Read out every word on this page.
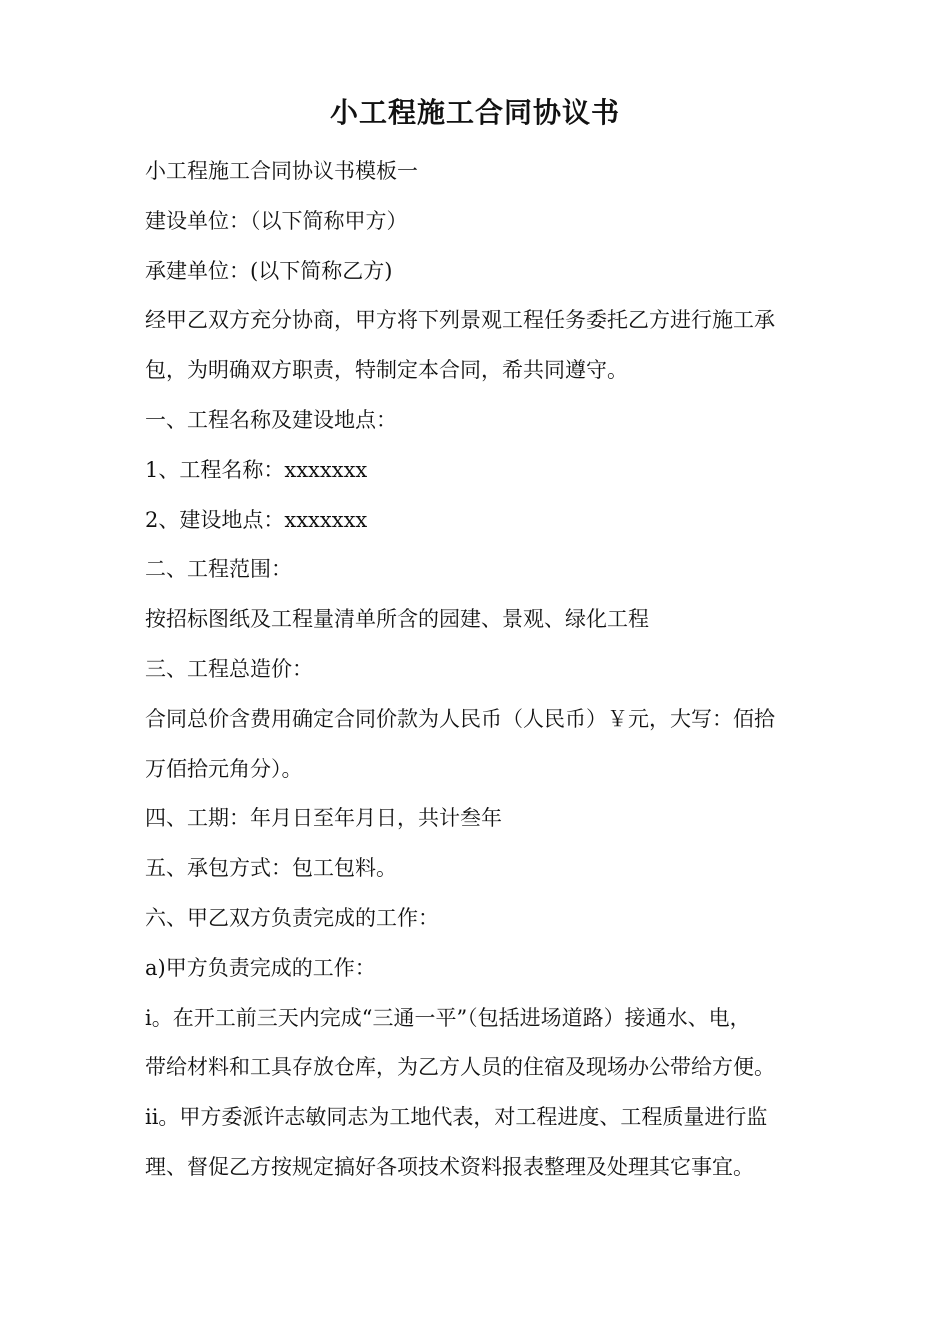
小工程施工合同协议书

小工程施工合同协议书模板一

建设单位：（以下简称甲方）

承建单位：(以下简称乙方)

经甲乙双方充分协商，甲方将下列景观工程任务委托乙方进行施工承

包，为明确双方职责，特制定本合同，希共同遵守。

一、工程名称及建设地点：

1、工程名称：xxxxxxx

2、建设地点：xxxxxxx

二、工程范围：

按招标图纸及工程量清单所含的园建、景观、绿化工程

三、工程总造价：

合同总价含费用确定合同价款为人民币（人民币）￥元，大写：佰拾

万佰拾元角分）。

四、工期：年月日至年月日，共计叁年

五、承包方式：包工包料。

六、甲乙双方负责完成的工作：

a)甲方负责完成的工作：

i。在开工前三天内完成“三通一平”（包括进场道路）接通水、电，

带给材料和工具存放仓库，为乙方人员的住宿及现场办公带给方便。

ii。甲方委派许志敏同志为工地代表，对工程进度、工程质量进行监

理、督促乙方按规定搞好各项技术资料报表整理及处理其它事宜。
